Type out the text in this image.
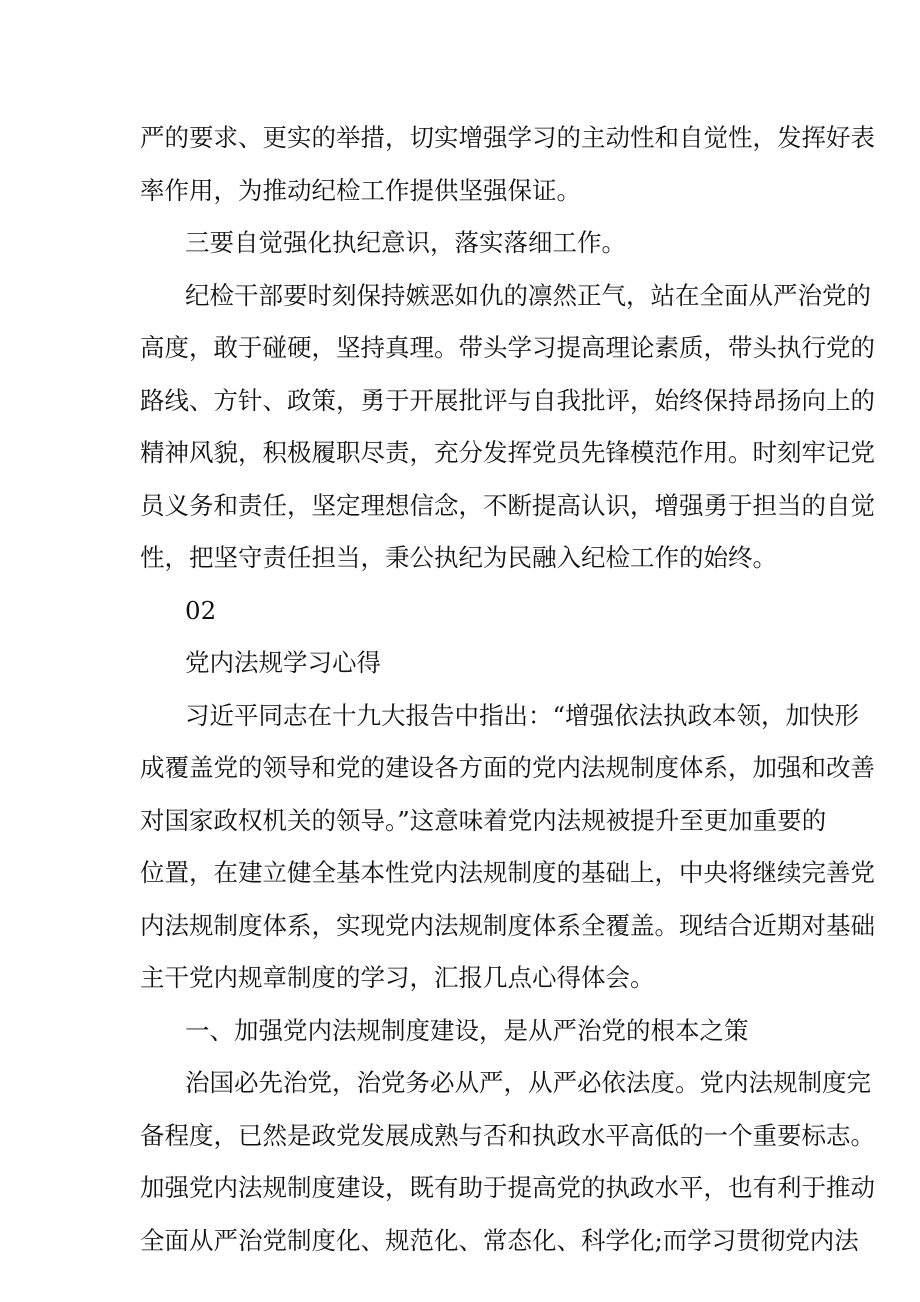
严的要求、更实的举措，切实增强学习的主动性和自觉性，发挥好表
率作用，为推动纪检工作提供坚强保证。
三要自觉强化执纪意识，落实落细工作。
纪检干部要时刻保持嫉恶如仇的凛然正气，站在全面从严治党的
高度，敢于碰硬，坚持真理。带头学习提高理论素质，带头执行党的
路线、方针、政策，勇于开展批评与自我批评，始终保持昂扬向上的
精神风貌，积极履职尽责，充分发挥党员先锋模范作用。时刻牢记党
员义务和责任，坚定理想信念，不断提高认识，增强勇于担当的自觉
性，把坚守责任担当，秉公执纪为民融入纪检工作的始终。
02
党内法规学习心得
习近平同志在十九大报告中指出：“增强依法执政本领，加快形
成覆盖党的领导和党的建设各方面的党内法规制度体系，加强和改善
对国家政权机关的领导。”这意味着党内法规被提升至更加重要的
位置，在建立健全基本性党内法规制度的基础上，中央将继续完善党
内法规制度体系，实现党内法规制度体系全覆盖。现结合近期对基础
主干党内规章制度的学习，汇报几点心得体会。
一、加强党内法规制度建设，是从严治党的根本之策
治国必先治党，治党务必从严，从严必依法度。党内法规制度完
备程度，已然是政党发展成熟与否和执政水平高低的一个重要标志。
加强党内法规制度建设，既有助于提高党的执政水平，也有利于推动
全面从严治党制度化、规范化、常态化、科学化;而学习贯彻党内法
